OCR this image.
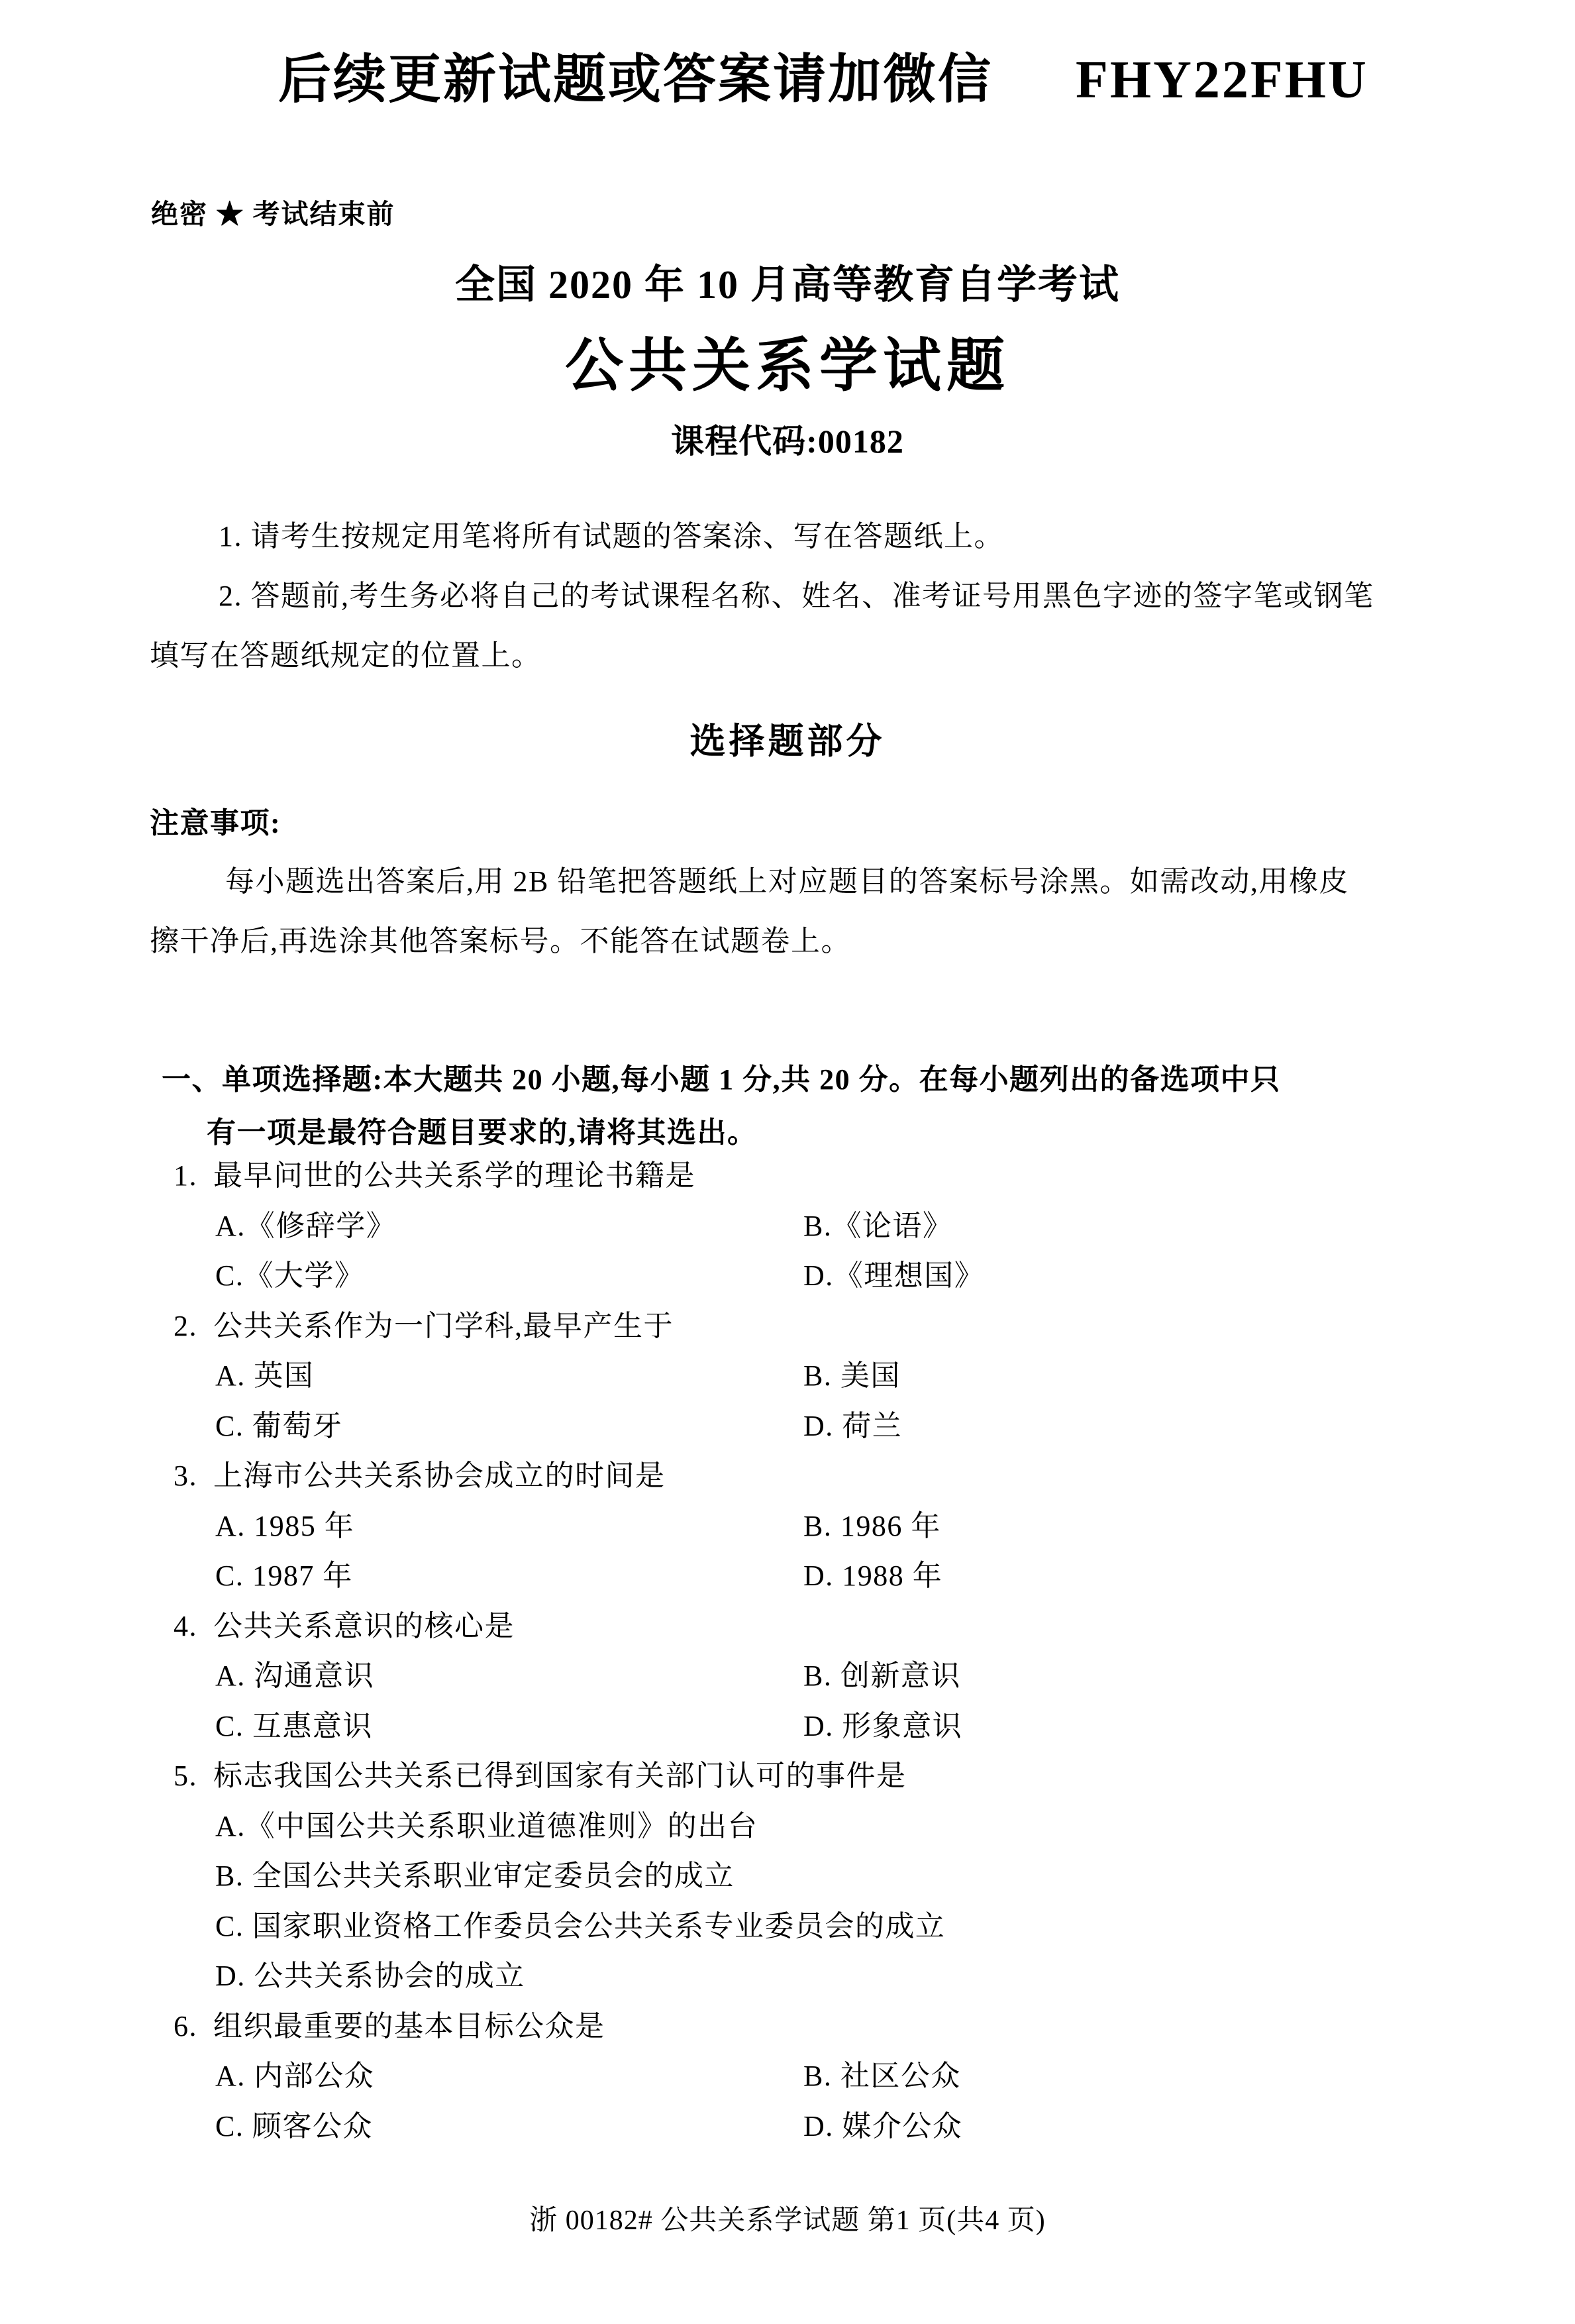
后续更新试题或答案请加微信 FHY22FHU
绝密 ★ 考试结束前
全国 2020 年 10 月高等教育自学考试
公共关系学试题
课程代码:00182
1. 请考生按规定用笔将所有试题的答案涂、写在答题纸上。
2. 答题前,考生务必将自己的考试课程名称、姓名、准考证号用黑色字迹的签字笔或钢笔
填写在答题纸规定的位置上。
选择题部分
注意事项:
每小题选出答案后,用 2B 铅笔把答题纸上对应题目的答案标号涂黑。如需改动,用橡皮
擦干净后,再选涂其他答案标号。不能答在试题卷上。
一、单项选择题:本大题共 20 小题,每小题 1 分,共 20 分。在每小题列出的备选项中只
有一项是最符合题目要求的,请将其选出。
1. 最早问世的公共关系学的理论书籍是
A.《修辞学》	B.《论语》
C.《大学》	D.《理想国》
2. 公共关系作为一门学科,最早产生于
A. 英国	B. 美国
C. 葡萄牙	D. 荷兰
3. 上海市公共关系协会成立的时间是
A. 1985 年	B. 1986 年
C. 1987 年	D. 1988 年
4. 公共关系意识的核心是
A. 沟通意识	B. 创新意识
C. 互惠意识	D. 形象意识
5. 标志我国公共关系已得到国家有关部门认可的事件是
A.《中国公共关系职业道德准则》的出台
B. 全国公共关系职业审定委员会的成立
C. 国家职业资格工作委员会公共关系专业委员会的成立
D. 公共关系协会的成立
6. 组织最重要的基本目标公众是
A. 内部公众	B. 社区公众
C. 顾客公众	D. 媒介公众
浙 00182# 公共关系学试题 第1 页(共4 页)
